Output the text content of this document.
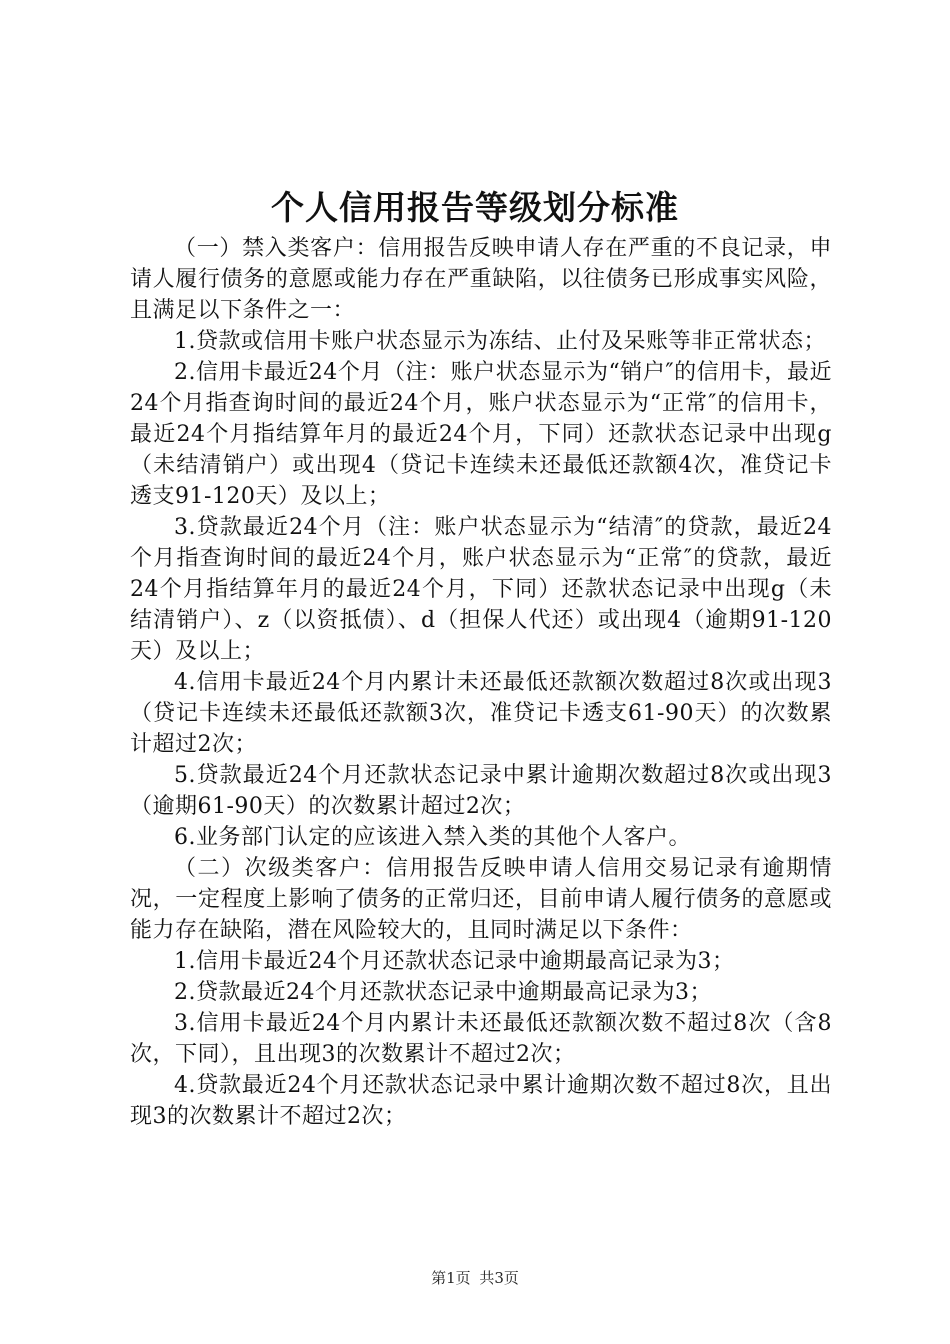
个人信用报告等级划分标准

（一）禁入类客户：信用报告反映申请人存在严重的不良记录，申请人履行债务的意愿或能力存在严重缺陷，以往债务已形成事实风险，且满足以下条件之一：

1.贷款或信用卡账户状态显示为冻结、止付及呆账等非正常状态；

2.信用卡最近24个月（注：账户状态显示为“销户″的信用卡，最近24个月指查询时间的最近24个月，账户状态显示为“正常″的信用卡，最近24个月指结算年月的最近24个月，下同）还款状态记录中出现g（未结清销户）或出现4（贷记卡连续未还最低还款额4次，准贷记卡透支91-120天）及以上；

3.贷款最近24个月（注：账户状态显示为“结清″的贷款，最近24个月指查询时间的最近24个月，账户状态显示为“正常″的贷款，最近24个月指结算年月的最近24个月，下同）还款状态记录中出现g（未结清销户）、z（以资抵债）、d（担保人代还）或出现4（逾期91-120天）及以上；

4.信用卡最近24个月内累计未还最低还款额次数超过8次或出现3（贷记卡连续未还最低还款额3次，准贷记卡透支61-90天）的次数累计超过2次；

5.贷款最近24个月还款状态记录中累计逾期次数超过8次或出现3（逾期61-90天）的次数累计超过2次；

6.业务部门认定的应该进入禁入类的其他个人客户。

（二）次级类客户：信用报告反映申请人信用交易记录有逾期情况，一定程度上影响了债务的正常归还，目前申请人履行债务的意愿或能力存在缺陷，潜在风险较大的，且同时满足以下条件：

1.信用卡最近24个月还款状态记录中逾期最高记录为3；

2.贷款最近24个月还款状态记录中逾期最高记录为3；

3.信用卡最近24个月内累计未还最低还款额次数不超过8次（含8次，下同），且出现3的次数累计不超过2次；

4.贷款最近24个月还款状态记录中累计逾期次数不超过8次，且出现3的次数累计不超过2次；

第1页 共3页
